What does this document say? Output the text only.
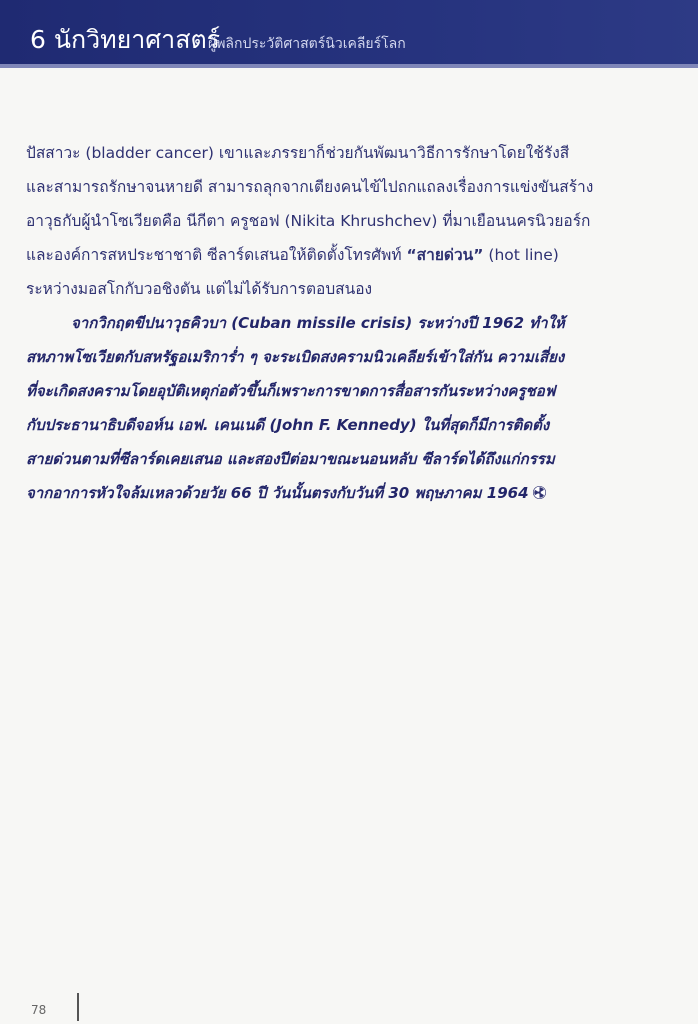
6 นักวิทยาศาสตร์
ผู้พลิกประวัติศาสตร์นิวเคลียร์โลก
ปัสสาวะ (bladder cancer) เขาและภรรยาก็ช่วยกันพัฒนาวิธีการรักษาโดยใช้รังสี
และสามารถรักษาจนหายดี สามารถลุกจากเตียงคนไข้ไปถกแถลงเรื่องการแข่งขันสร้าง
อาวุธกับผู้นำโซเวียตคือ นีกีตา ครูชอฟ (Nikita Khrushchev) ที่มาเยือนนครนิวยอร์ก
และองค์การสหประชาชาติ ซีลาร์ดเสนอให้ติดตั้งโทรศัพท์ “สายด่วน” (hot line)
ระหว่างมอสโกกับวอชิงตัน แต่ไม่ได้รับการตอบสนอง
จากวิกฤตขีปนาวุธคิวบา (Cuban missile crisis) ระหว่างปี 1962 ทำให้
สหภาพโซเวียตกับสหรัฐอเมริการ่ำ ๆ จะระเบิดสงครามนิวเคลียร์เข้าใส่กัน ความเสี่ยง
ที่จะเกิดสงครามโดยอุบัติเหตุก่อตัวขึ้นก็เพราะการขาดการสื่อสารกันระหว่างครูชอฟ
กับประธานาธิบดีจอห์น เอฟ. เคนเนดี (John F. Kennedy) ในที่สุดก็มีการติดตั้ง
สายด่วนตามที่ซีลาร์ดเคยเสนอ และสองปีต่อมาขณะนอนหลับ ซีลาร์ดได้ถึงแก่กรรม
จากอาการหัวใจล้มเหลวด้วยวัย 66 ปี วันนั้นตรงกับวันที่ 30 พฤษภาคม 1964
78
